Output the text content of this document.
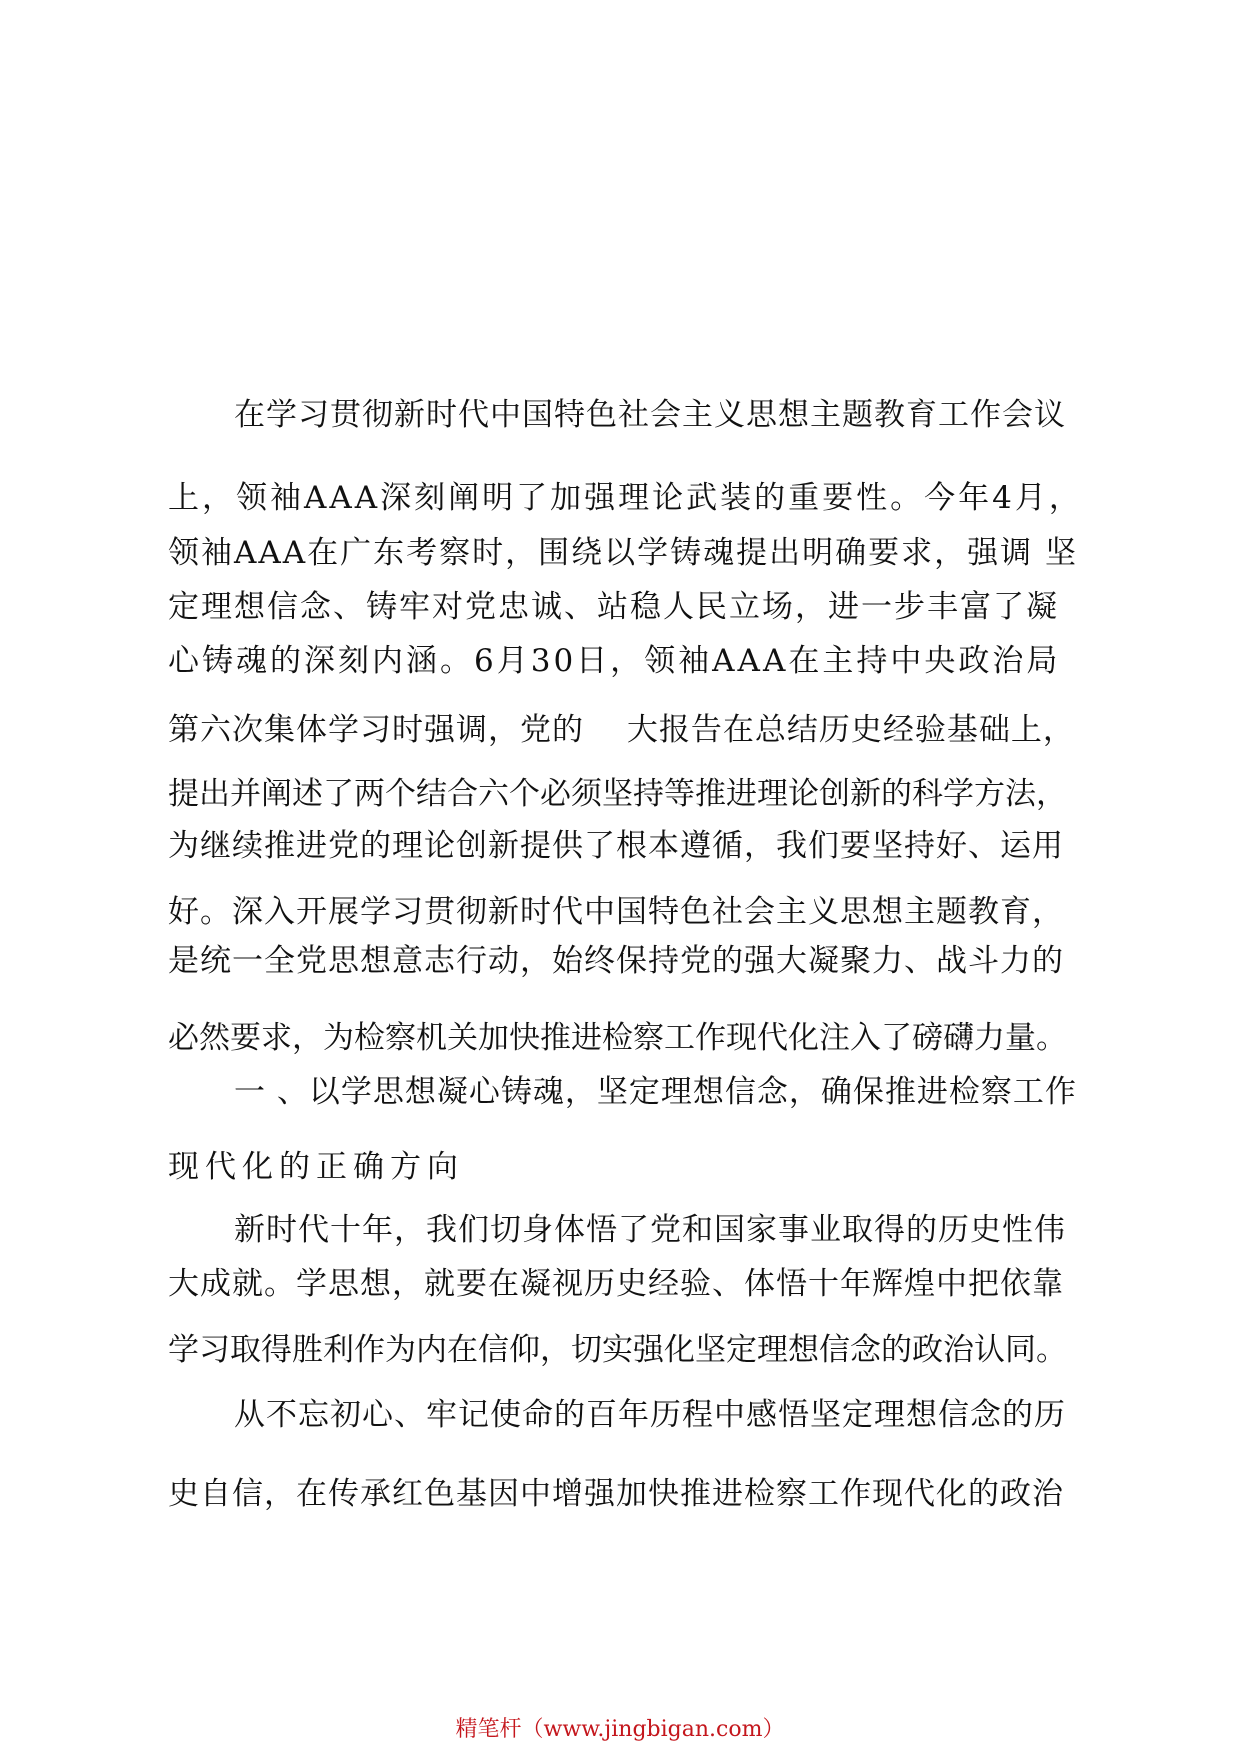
在学习贯彻新时代中国特色社会主义思想主题教育工作会议
上，领袖AAA深刻阐明了加强理论武装的重要性。今年4月，
领袖AAA在广东考察时，围绕以学铸魂提出明确要求，强调 坚
定理想信念、铸牢对党忠诚、站稳人民立场，进一步丰富了凝
心铸魂的深刻内涵。6月30日，领袖AAA在主持中央政治局
第六次集体学习时强调，党的　 大报告在总结历史经验基础上，
提出并阐述了两个结合六个必须坚持等推进理论创新的科学方法，
为继续推进党的理论创新提供了根本遵循，我们要坚持好、运用
好。深入开展学习贯彻新时代中国特色社会主义思想主题教育，
是统一全党思想意志行动，始终保持党的强大凝聚力、战斗力的
必然要求，为检察机关加快推进检察工作现代化注入了磅礴力量。
一 、以学思想凝心铸魂，坚定理想信念，确保推进检察工作
现代化的正确方向
新时代十年，我们切身体悟了党和国家事业取得的历史性伟
大成就。学思想，就要在凝视历史经验、体悟十年辉煌中把依靠
学习取得胜利作为内在信仰，切实强化坚定理想信念的政治认同。
从不忘初心、牢记使命的百年历程中感悟坚定理想信念的历
史自信，在传承红色基因中增强加快推进检察工作现代化的政治
精笔杆（www.jingbigan.com）
